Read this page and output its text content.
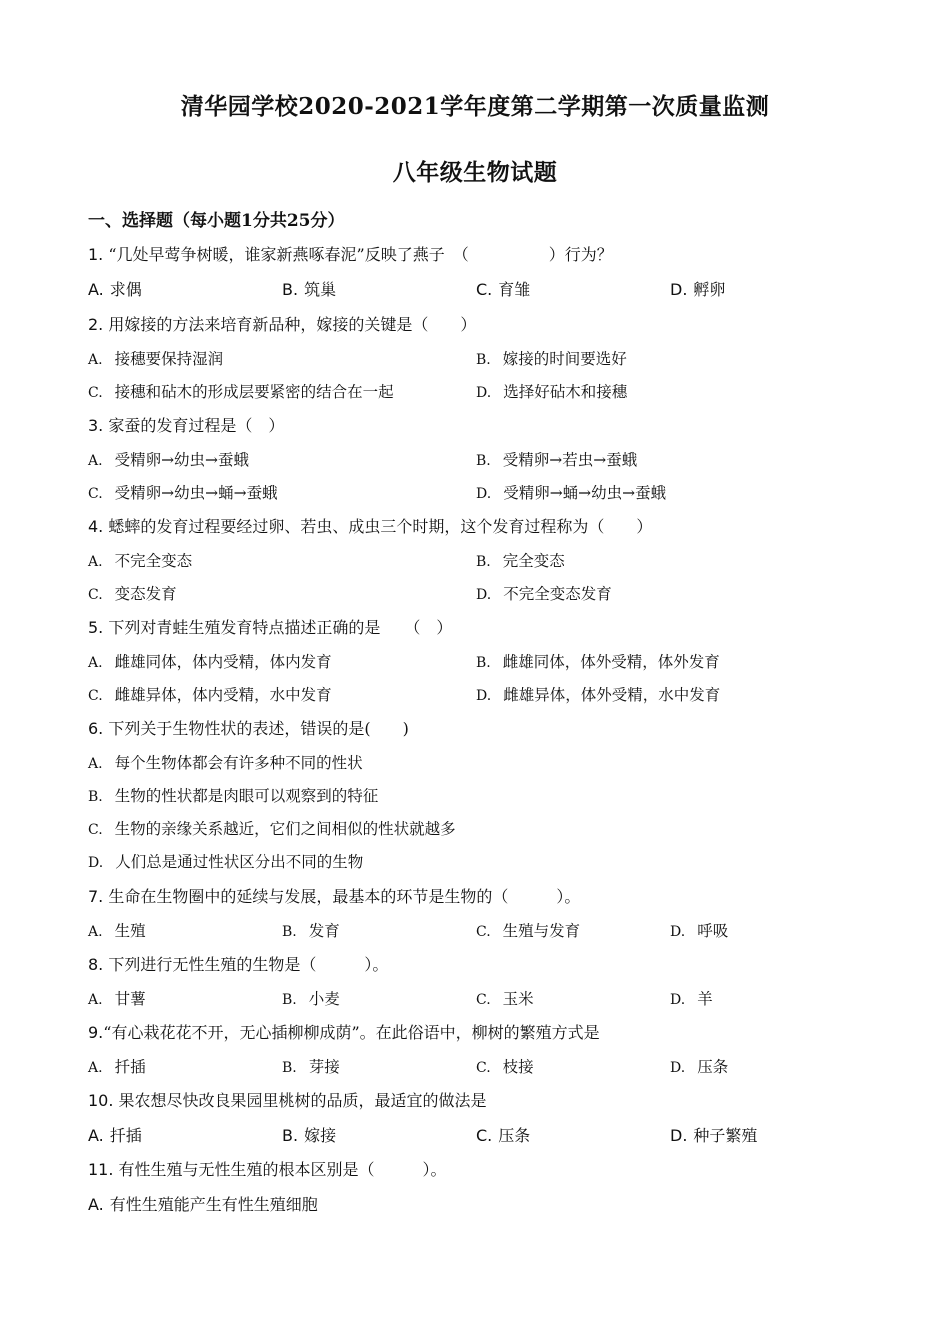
清华园学校2020-2021学年度第二学期第一次质量监测
八年级生物试题
一、选择题（每小题1分共25分）
1. “几处早莺争树暖，谁家新燕啄春泥”反映了燕子　（　　　　　）行为？
A. 求偶	B. 筑巢	C. 育雏	D. 孵卵
2. 用嫁接的方法来培育新品种，嫁接的关键是（　　）
A. 接穗要保持湿润	B. 嫁接的时间要选好
C. 接穗和砧木的形成层要紧密的结合在一起	D. 选择好砧木和接穗
3. 家蚕的发育过程是（　）
A. 受精卵→幼虫→蚕蛾	B. 受精卵→若虫→蚕蛾
C. 受精卵→幼虫→蛹→蚕蛾	D. 受精卵→蛹→幼虫→蚕蛾
4. 蟋蟀的发育过程要经过卵、若虫、成虫三个时期，这个发育过程称为（　　）
A. 不完全变态	B. 完全变态
C. 变态发育	D. 不完全变态发育
5. 下列对青蛙生殖发育特点描述正确的是　　（　）
A. 雌雄同体，体内受精，体内发育	B. 雌雄同体，体外受精，体外发育
C. 雌雄异体，体内受精，水中发育	D. 雌雄异体，体外受精，水中发育
6. 下列关于生物性状的表述，错误的是(　　)
A. 每个生物体都会有许多种不同的性状
B. 生物的性状都是肉眼可以观察到的特征
C. 生物的亲缘关系越近，它们之间相似的性状就越多
D. 人们总是通过性状区分出不同的生物
7. 生命在生物圈中的延续与发展，最基本的环节是生物的（　　　）。
A. 生殖	B. 发育	C. 生殖与发育	D. 呼吸
8. 下列进行无性生殖的生物是（　　　）。
A. 甘薯	B. 小麦	C. 玉米	D. 羊
9.“有心栽花花不开，无心插柳柳成荫”。在此俗语中，柳树的繁殖方式是
A. 扦插	B. 芽接	C. 枝接	D. 压条
10. 果农想尽快改良果园里桃树的品质，最适宜的做法是
A. 扦插	B. 嫁接	C. 压条	D. 种子繁殖
11. 有性生殖与无性生殖的根本区别是（　　　）。
A. 有性生殖能产生有性生殖细胞
